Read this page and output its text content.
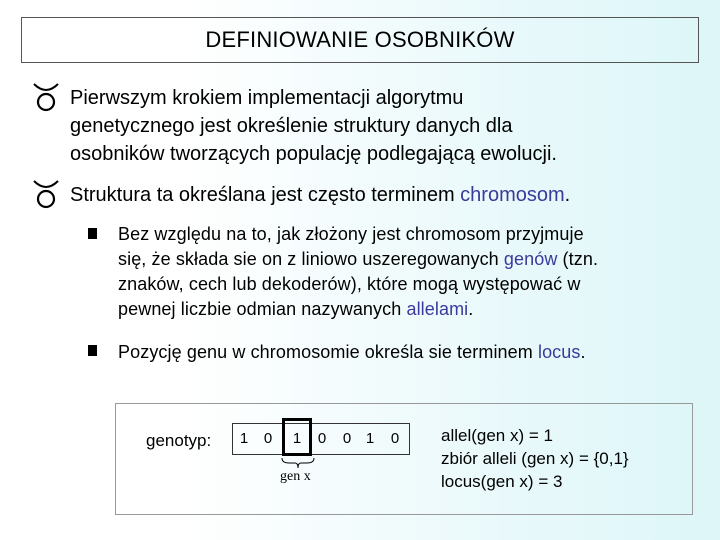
DEFINIOWANIE OSOBNIKÓW
Pierwszym krokiem implementacji algorytmu
genetycznego jest określenie struktury danych dla
osobników tworzących populację podlegającą ewolucji.
Struktura ta określana jest często terminem chromosom.
Bez względu na to, jak złożony jest chromosom przyjmuje
się, że składa sie on z liniowo uszeregowanych genów (tzn.
znaków, cech lub dekoderów), które mogą występować w
pewnej liczbie odmian nazywanych allelami.
Pozycję genu w chromosomie określa sie terminem locus.
genotyp: 1 0 1 0 0 1 0
gen x
allel(gen x) = 1
zbiór alleli (gen x) = {0,1}
locus(gen x) = 3
